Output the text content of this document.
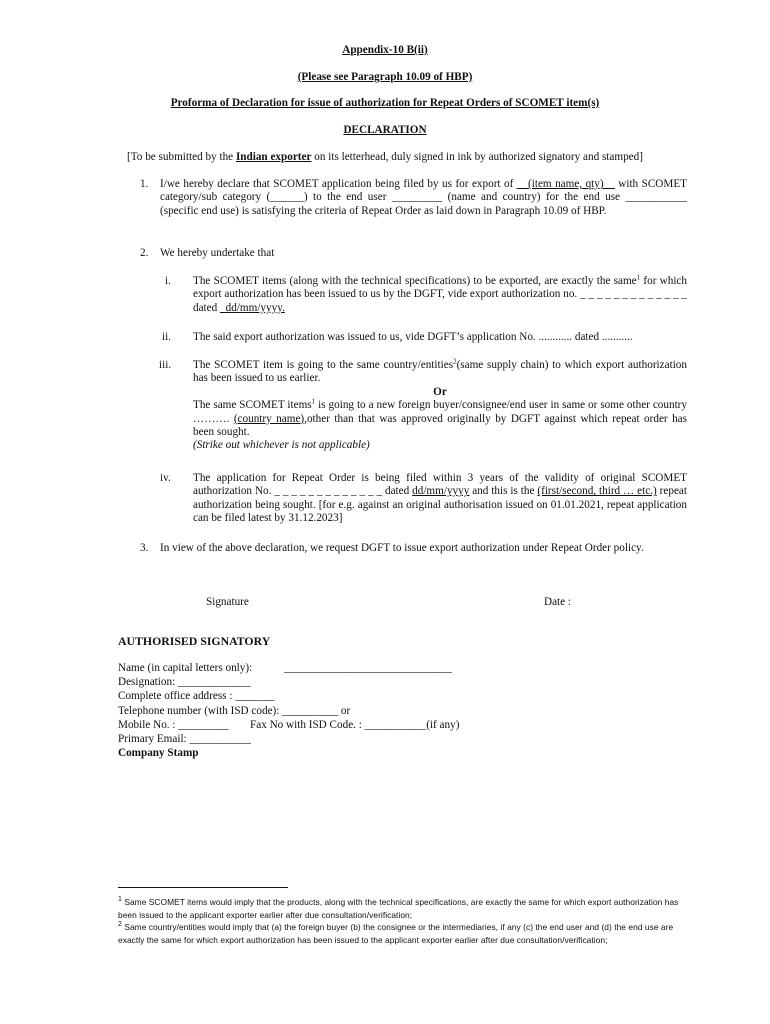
Appendix-10 B(ii)
(Please see Paragraph 10.09 of HBP)
Proforma of Declaration for issue of authorization for Repeat Orders of SCOMET item(s)
DECLARATION
[To be submitted by the Indian exporter on its letterhead, duly signed in ink by authorized signatory and stamped]
1. I/we hereby declare that SCOMET application being filed by us for export of __(item name, qty)__ with SCOMET category/sub category (______) to the end user _________ (name and country) for the end use ___________ (specific end use) is satisfying the criteria of Repeat Order as laid down in Paragraph 10.09 of HBP.
2. We hereby undertake that
i. The SCOMET items (along with the technical specifications) to be exported, are exactly the same$^1$ for which export authorization has been issued to us by the DGFT, vide export authorization no. _ _ _ _ _ _ _ _ _ _ _ _ _ dated _dd/mm/yyyy.
ii. The said export authorization was issued to us, vide DGFT’s application No. ............ dated ...........
iii. The SCOMET item is going to the same country/entities$^2$(same supply chain) to which export authorization has been issued to us earlier.
Or
The same SCOMET items$^1$ is going to a new foreign buyer/consignee/end user in same or some other country ………. (country name),other than that was approved originally by DGFT against which repeat order has been sought.
(Strike out whichever is not applicable)
iv. The application for Repeat Order is being filed within 3 years of the validity of original SCOMET authorization No. _ _ _ _ _ _ _ _ _ _ _ _ _ dated dd/mm/yyyy and this is the (first/second, third … etc.) repeat authorization being sought. [for e.g. against an original authorisation issued on 01.01.2021, repeat application can be filed latest by 31.12.2023]
3. In view of the above declaration, we request DGFT to issue export authorization under Repeat Order policy.
Signature	Date :
AUTHORISED SIGNATORY
Name (in capital letters only):	______________________________
Designation: _____________
Complete office address : _______
Telephone number (with ISD code): __________ or
Mobile No. : _________ Fax No with ISD Code. : ___________(if any)
Primary Email: ___________
Company Stamp
$^1$ Same SCOMET items would imply that the products, along with the technical specifications, are exactly the same for which export authorization has been issued to the applicant exporter earlier after due consultation/verification;
$^2$ Same country/entities would imply that (a) the foreign buyer (b) the consignee or the intermediaries, if any (c) the end user and (d) the end use are exactly the same for which export authorization has been issued to the applicant exporter earlier after due consultation/verification;
